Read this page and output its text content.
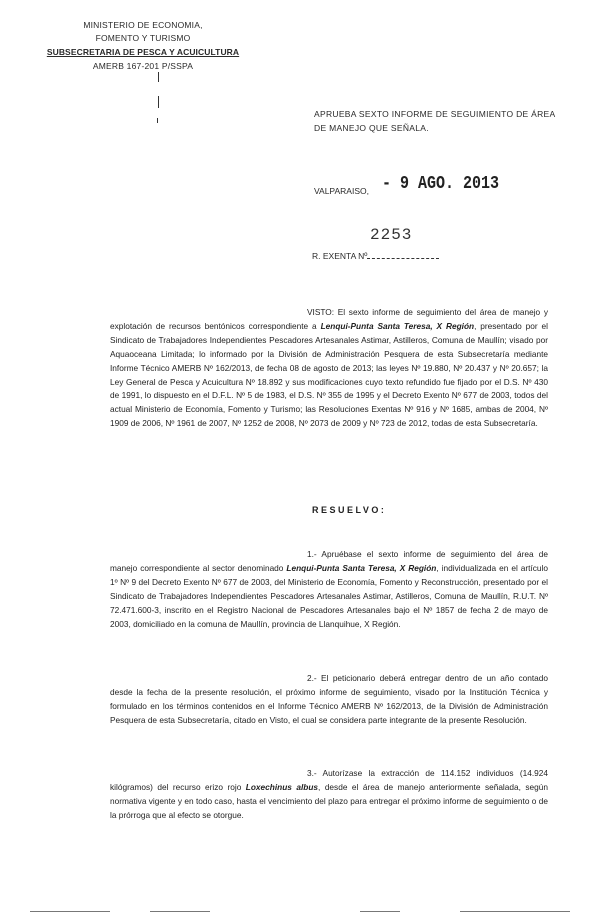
MINISTERIO DE ECONOMIA,
FOMENTO Y TURISMO
SUBSECRETARIA DE PESCA Y ACUICULTURA
AMERB 167-201 P/SSPA
APRUEBA SEXTO INFORME DE SEGUIMIENTO DE ÁREA
DE MANEJO QUE SEÑALA.
VALPARAISO, - 9 AGO. 2013
2253
R. EXENTA Nº
VISTO: El sexto informe de seguimiento del área de manejo y explotación de recursos bentónicos correspondiente a Lenqui-Punta Santa Teresa, X Región, presentado por el Sindicato de Trabajadores Independientes Pescadores Artesanales Astimar, Astilleros, Comuna de Maullín; visado por Aquaoceana Limitada; lo informado por la División de Administración Pesquera de esta Subsecretaría mediante Informe Técnico AMERB Nº 162/2013, de fecha 08 de agosto de 2013; las leyes Nº 19.880, Nº 20.437 y Nº 20.657; la Ley General de Pesca y Acuicultura Nº 18.892 y sus modificaciones cuyo texto refundido fue fijado por el D.S. Nº 430 de 1991, lo dispuesto en el D.F.L. Nº 5 de 1983, el D.S. Nº 355 de 1995 y el Decreto Exento Nº 677 de 2003, todos del actual Ministerio de Economía, Fomento y Turismo; las Resoluciones Exentas Nº 916 y Nº 1685, ambas de 2004, Nº 1909 de 2006, Nº 1961 de 2007, Nº 1252 de 2008, Nº 2073 de 2009 y Nº 723 de 2012, todas de esta Subsecretaría.
RESUELVO:
1.- Apruébase el sexto informe de seguimiento del área de manejo correspondiente al sector denominado Lenqui-Punta Santa Teresa, X Región, individualizada en el artículo 1º Nº 9 del Decreto Exento Nº 677 de 2003, del Ministerio de Economía, Fomento y Reconstrucción, presentado por el Sindicato de Trabajadores Independientes Pescadores Artesanales Astimar, Astilleros, Comuna de Maullín, R.U.T. Nº 72.471.600-3, inscrito en el Registro Nacional de Pescadores Artesanales bajo el Nº 1857 de fecha 2 de mayo de 2003, domiciliado en la comuna de Maullín, provincia de Llanquihue, X Región.
2.- El peticionario deberá entregar dentro de un año contado desde la fecha de la presente resolución, el próximo informe de seguimiento, visado por la Institución Técnica y formulado en los términos contenidos en el Informe Técnico AMERB Nº 162/2013, de la División de Administración Pesquera de esta Subsecretaría, citado en Visto, el cual se considera parte integrante de la presente Resolución.
3.- Autorízase la extracción de 114.152 individuos (14.924 kilógramos) del recurso erizo rojo Loxechinus albus, desde el área de manejo anteriormente señalada, según normativa vigente y en todo caso, hasta el vencimiento del plazo para entregar el próximo informe de seguimiento o de la prórroga que al efecto se otorgue.
